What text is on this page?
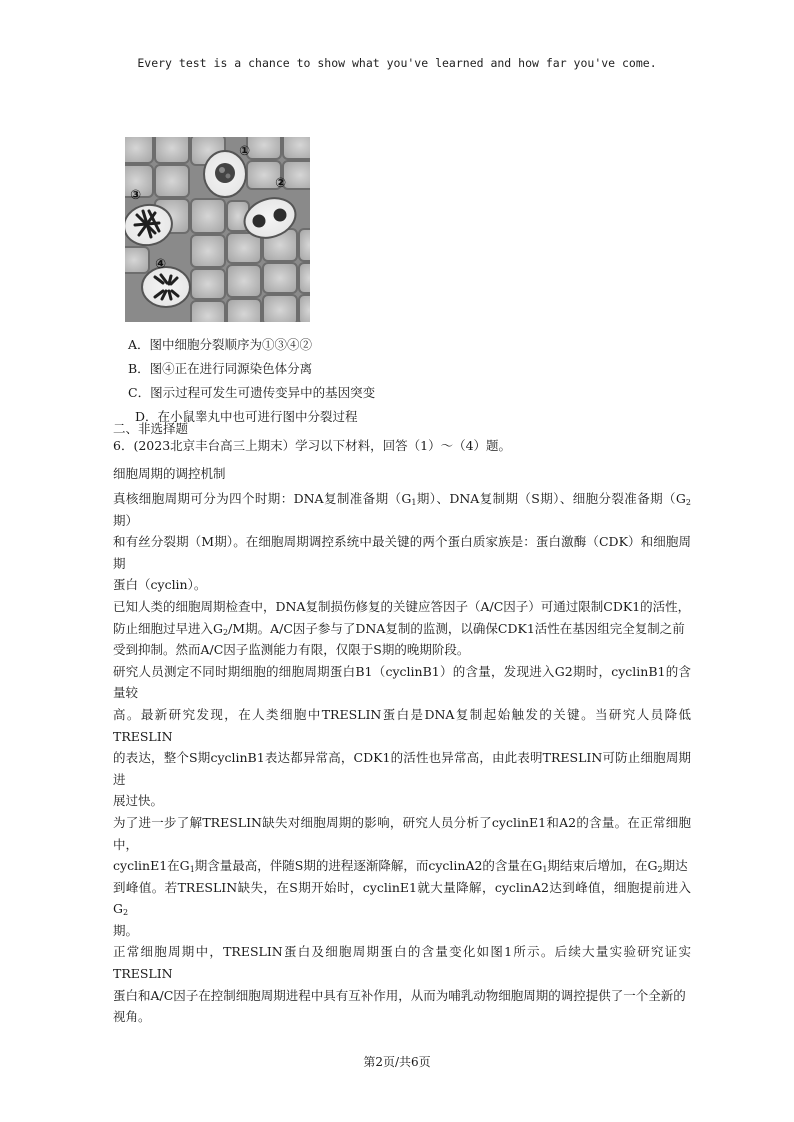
Every test is a chance to show what you've learned and how far you've come.
①
②
③
④
A．图中细胞分裂顺序为①③④②
B．图④正在进行同源染色体分离
C．图示过程可发生可遗传变异中的基因突变
D．在小鼠睾丸中也可进行图中分裂过程
二、非选择题
6．(2023北京丰台高三上期末）学习以下材料，回答（1）～（4）题。
细胞周期的调控机制
真核细胞周期可分为四个时期：DNA复制准备期（$G_1$期）、DNA复制期（S期）、细胞分裂准备期（$G_2$期）
和有丝分裂期（M期）。在细胞周期调控系统中最关键的两个蛋白质家族是：蛋白激酶（CDK）和细胞周期
蛋白（cyclin）。
已知人类的细胞周期检查中，DNA复制损伤修复的关键应答因子（A/C因子）可通过限制CDK1的活性，
防止细胞过早进入$G_2/M$期。A/C因子参与了DNA复制的监测，以确保CDK1活性在基因组完全复制之前
受到抑制。然而A/C因子监测能力有限，仅限于S期的晚期阶段。
研究人员测定不同时期细胞的细胞周期蛋白B1（cyclinB1）的含量，发现进入G2期时，cyclinB1的含量较
高。最新研究发现，在人类细胞中TRESLIN蛋白是DNA复制起始触发的关键。当研究人员降低TRESLIN
的表达，整个S期cyclinB1表达都异常高，CDK1的活性也异常高，由此表明TRESLIN可防止细胞周期进
展过快。
为了进一步了解TRESLIN缺失对细胞周期的影响，研究人员分析了cyclinE1和A2的含量。在正常细胞中，
cyclinE1在$G_1$期含量最高，伴随S期的进程逐渐降解，而cyclinA2的含量在$G_1$期结束后增加，在$G_2$期达
到峰值。若TRESLIN缺失，在S期开始时，cyclinE1就大量降解，cyclinA2达到峰值，细胞提前进入$G_2$
期。
正常细胞周期中，TRESLIN蛋白及细胞周期蛋白的含量变化如图1所示。后续大量实验研究证实TRESLIN
蛋白和A/C因子在控制细胞周期进程中具有互补作用，从而为哺乳动物细胞周期的调控提供了一个全新的
视角。
第2页/共6页
